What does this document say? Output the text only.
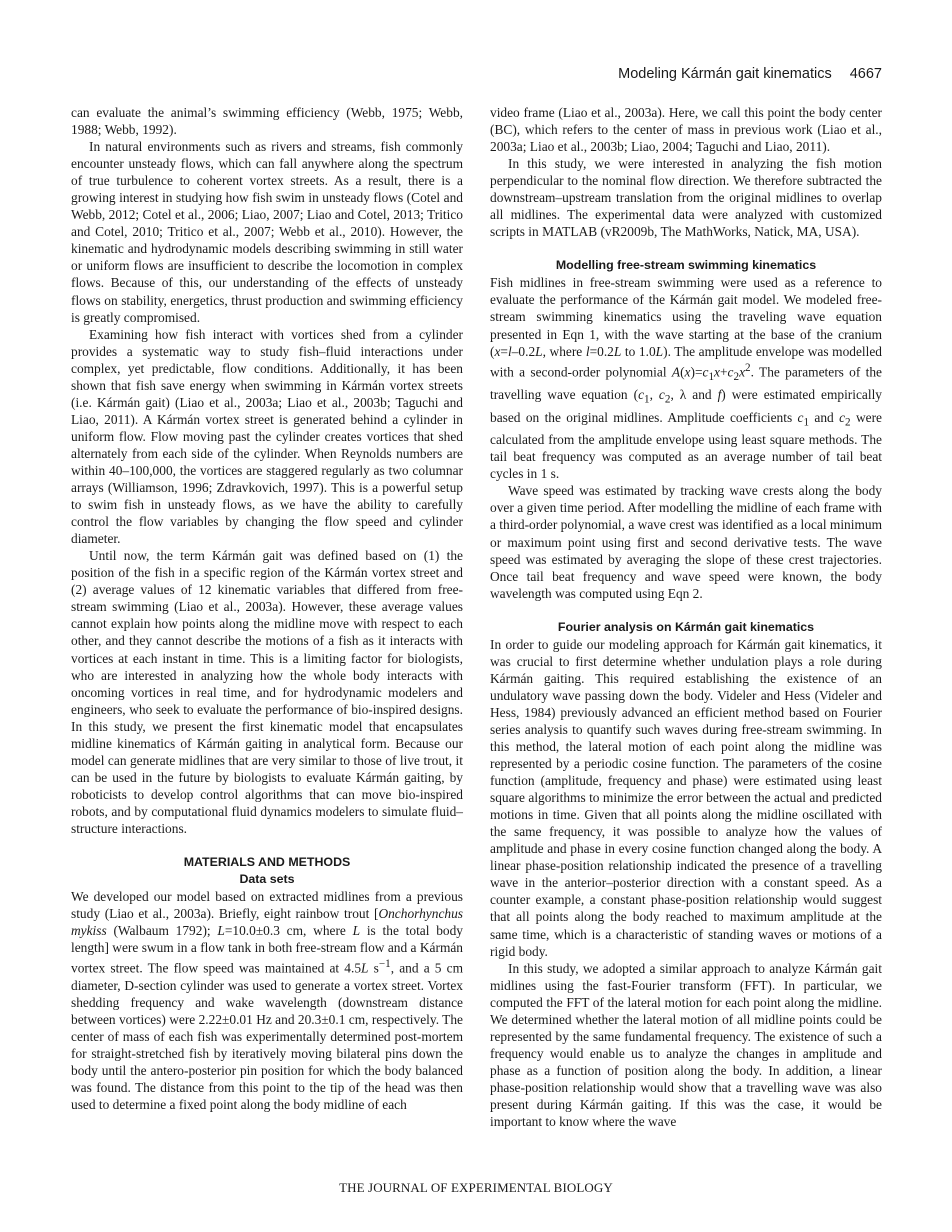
Modeling Kármán gait kinematics 4667

can evaluate the animal’s swimming efficiency (Webb, 1975; Webb, 1988; Webb, 1992).

In natural environments such as rivers and streams, fish commonly encounter unsteady flows, which can fall anywhere along the spectrum of true turbulence to coherent vortex streets. As a result, there is a growing interest in studying how fish swim in unsteady flows (Cotel and Webb, 2012; Cotel et al., 2006; Liao, 2007; Liao and Cotel, 2013; Tritico and Cotel, 2010; Tritico et al., 2007; Webb et al., 2010). However, the kinematic and hydrodynamic models describing swimming in still water or uniform flows are insufficient to describe the locomotion in complex flows. Because of this, our understanding of the effects of unsteady flows on stability, energetics, thrust production and swimming efficiency is greatly compromised.

Examining how fish interact with vortices shed from a cylinder provides a systematic way to study fish–fluid interactions under complex, yet predictable, flow conditions. Additionally, it has been shown that fish save energy when swimming in Kármán vortex streets (i.e. Kármán gait) (Liao et al., 2003a; Liao et al., 2003b; Taguchi and Liao, 2011). A Kármán vortex street is generated behind a cylinder in uniform flow. Flow moving past the cylinder creates vortices that shed alternately from each side of the cylinder. When Reynolds numbers are within 40–100,000, the vortices are staggered regularly as two columnar arrays (Williamson, 1996; Zdravkovich, 1997). This is a powerful setup to swim fish in unsteady flows, as we have the ability to carefully control the flow variables by changing the flow speed and cylinder diameter.

Until now, the term Kármán gait was defined based on (1) the position of the fish in a specific region of the Kármán vortex street and (2) average values of 12 kinematic variables that differed from free-stream swimming (Liao et al., 2003a). However, these average values cannot explain how points along the midline move with respect to each other, and they cannot describe the motions of a fish as it interacts with vortices at each instant in time. This is a limiting factor for biologists, who are interested in analyzing how the whole body interacts with oncoming vortices in real time, and for hydrodynamic modelers and engineers, who seek to evaluate the performance of bio-inspired designs. In this study, we present the first kinematic model that encapsulates midline kinematics of Kármán gaiting in analytical form. Because our model can generate midlines that are very similar to those of live trout, it can be used in the future by biologists to evaluate Kármán gaiting, by roboticists to develop control algorithms that can move bio-inspired robots, and by computational fluid dynamics modelers to simulate fluid–structure interactions.

MATERIALS AND METHODS
Data sets

We developed our model based on extracted midlines from a previous study (Liao et al., 2003a). Briefly, eight rainbow trout [Onchorhynchus mykiss (Walbaum 1792); L=10.0±0.3 cm, where L is the total body length] were swum in a flow tank in both free-stream flow and a Kármán vortex street. The flow speed was maintained at 4.5L $s^{-1}$, and a 5 cm diameter, D-section cylinder was used to generate a vortex street. Vortex shedding frequency and wake wavelength (downstream distance between vortices) were 2.22±0.01 Hz and 20.3±0.1 cm, respectively. The center of mass of each fish was experimentally determined post-mortem for straight-stretched fish by iteratively moving bilateral pins down the body until the antero-posterior pin position for which the body balanced was found. The distance from this point to the tip of the head was then used to determine a fixed point along the body midline of each

video frame (Liao et al., 2003a). Here, we call this point the body center (BC), which refers to the center of mass in previous work (Liao et al., 2003a; Liao et al., 2003b; Liao, 2004; Taguchi and Liao, 2011).

In this study, we were interested in analyzing the fish motion perpendicular to the nominal flow direction. We therefore subtracted the downstream–upstream translation from the original midlines to overlap all midlines. The experimental data were analyzed with customized scripts in MATLAB (vR2009b, The MathWorks, Natick, MA, USA).

Modelling free-stream swimming kinematics

Fish midlines in free-stream swimming were used as a reference to evaluate the performance of the Kármán gait model. We modeled free-stream swimming kinematics using the traveling wave equation presented in Eqn 1, with the wave starting at the base of the cranium (x=l–0.2L, where l=0.2L to 1.0L). The amplitude envelope was modelled with a second-order polynomial $A(x)=c_1x+c_2x^2$. The parameters of the travelling wave equation ($c_1$, $c_2$, λ and f) were estimated empirically based on the original midlines. Amplitude coefficients $c_1$ and $c_2$ were calculated from the amplitude envelope using least square methods. The tail beat frequency was computed as an average number of tail beat cycles in 1 s.

Wave speed was estimated by tracking wave crests along the body over a given time period. After modelling the midline of each frame with a third-order polynomial, a wave crest was identified as a local minimum or maximum point using first and second derivative tests. The wave speed was estimated by averaging the slope of these crest trajectories. Once tail beat frequency and wave speed were known, the body wavelength was computed using Eqn 2.

Fourier analysis on Kármán gait kinematics

In order to guide our modeling approach for Kármán gait kinematics, it was crucial to first determine whether undulation plays a role during Kármán gaiting. This required establishing the existence of an undulatory wave passing down the body. Videler and Hess (Videler and Hess, 1984) previously advanced an efficient method based on Fourier series analysis to quantify such waves during free-stream swimming. In this method, the lateral motion of each point along the midline was represented by a periodic cosine function. The parameters of the cosine function (amplitude, frequency and phase) were estimated using least square algorithms to minimize the error between the actual and predicted motions in time. Given that all points along the midline oscillated with the same frequency, it was possible to analyze how the values of amplitude and phase in every cosine function changed along the body. A linear phase-position relationship indicated the presence of a travelling wave in the anterior–posterior direction with a constant speed. As a counter example, a constant phase-position relationship would suggest that all points along the body reached to maximum amplitude at the same time, which is a characteristic of standing waves or motions of a rigid body.

In this study, we adopted a similar approach to analyze Kármán gait midlines using the fast-Fourier transform (FFT). In particular, we computed the FFT of the lateral motion for each point along the midline. We determined whether the lateral motion of all midline points could be represented by the same fundamental frequency. The existence of such a frequency would enable us to analyze the changes in amplitude and phase as a function of position along the body. In addition, a linear phase-position relationship would show that a travelling wave was also present during Kármán gaiting. If this was the case, it would be important to know where the wave

THE JOURNAL OF EXPERIMENTAL BIOLOGY
